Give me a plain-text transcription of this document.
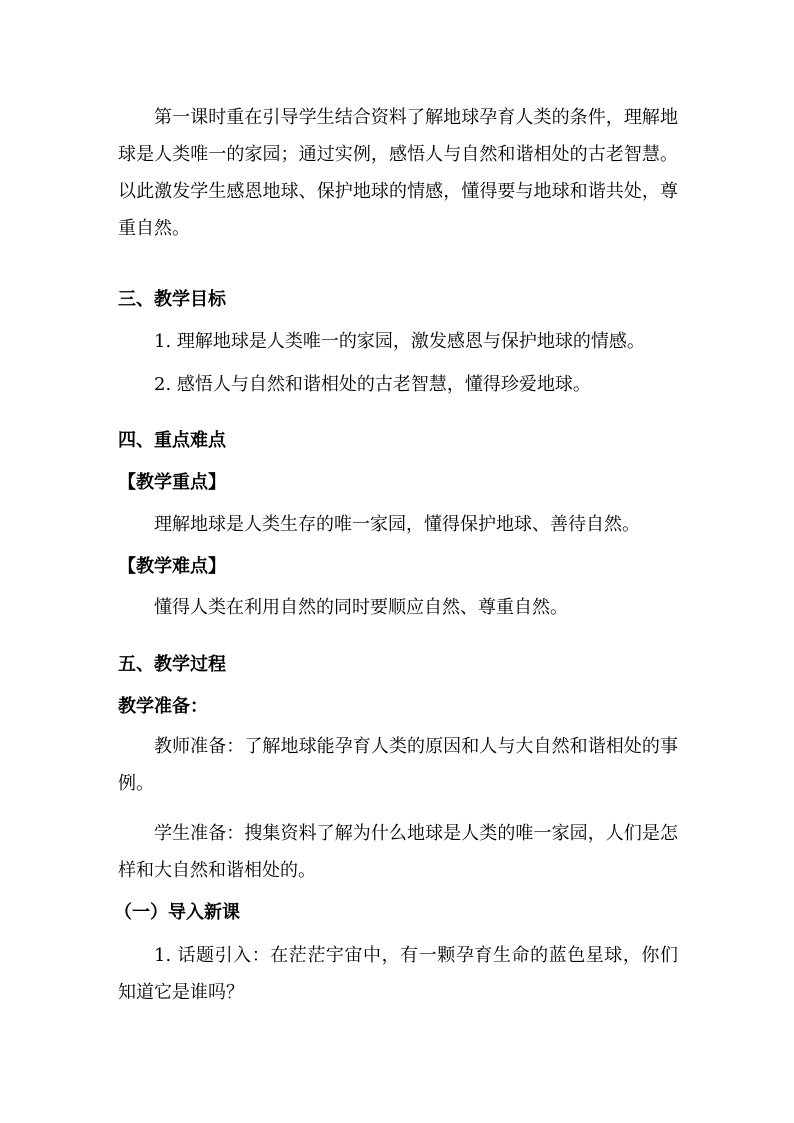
第一课时重在引导学生结合资料了解地球孕育人类的条件，理解地球是人类唯一的家园；通过实例，感悟人与自然和谐相处的古老智慧。以此激发学生感恩地球、保护地球的情感，懂得要与地球和谐共处，尊重自然。
三、教学目标
1. 理解地球是人类唯一的家园，激发感恩与保护地球的情感。
2. 感悟人与自然和谐相处的古老智慧，懂得珍爱地球。
四、重点难点
【教学重点】
理解地球是人类生存的唯一家园，懂得保护地球、善待自然。
【教学难点】
懂得人类在利用自然的同时要顺应自然、尊重自然。
五、教学过程
教学准备：
教师准备：了解地球能孕育人类的原因和人与大自然和谐相处的事例。
学生准备：搜集资料了解为什么地球是人类的唯一家园，人们是怎样和大自然和谐相处的。
（一）导入新课
1. 话题引入：在茫茫宇宙中，有一颗孕育生命的蓝色星球，你们知道它是谁吗？
